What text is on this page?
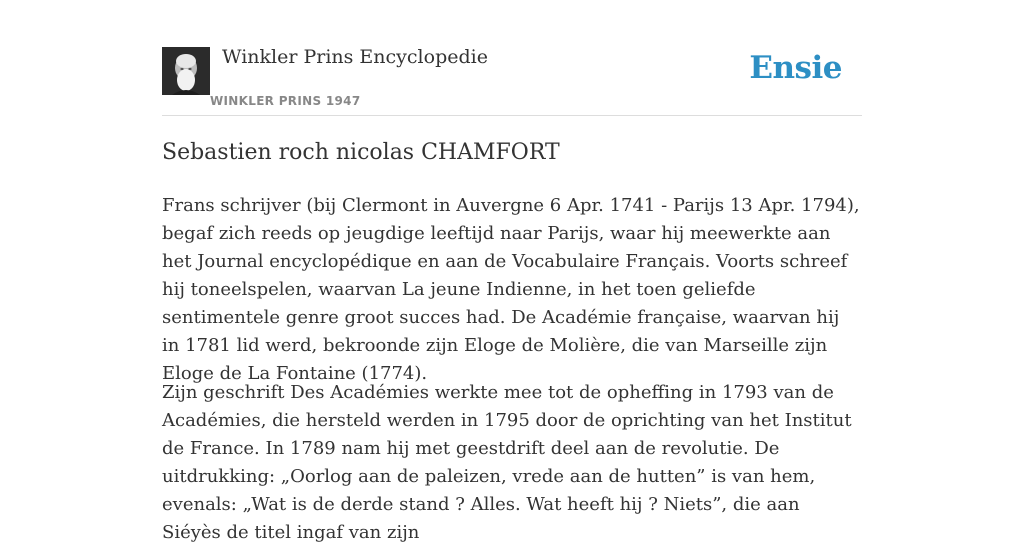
Winkler Prins Encyclopedie
WINKLER PRINS 1947
Ensie
Sebastien roch nicolas CHAMFORT

Frans schrijver (bij Clermont in Auvergne 6 Apr. 1741 - Parijs 13 Apr. 1794), begaf zich reeds op jeugdige leeftijd naar Parijs, waar hij meewerkte aan het Journal encyclopédique en aan de Vocabulaire Français. Voorts schreef hij toneelspelen, waarvan La jeune Indienne, in het toen geliefde sentimentele genre groot succes had. De Académie française, waarvan hij in 1781 lid werd, bekroonde zijn Eloge de Molière, die van Marseille zijn Eloge de La Fontaine (1774).

Zijn geschrift Des Académies werkte mee tot de opheffing in 1793 van de Académies, die hersteld werden in 1795 door de oprichting van het Institut de France. In 1789 nam hij met geestdrift deel aan de revolutie. De uitdrukking: „Oorlog aan de paleizen, vrede aan de hutten” is van hem, evenals: „Wat is de derde stand ? Alles. Wat heeft hij ? Niets”, die aan Siéyès de titel ingaf van zijn
